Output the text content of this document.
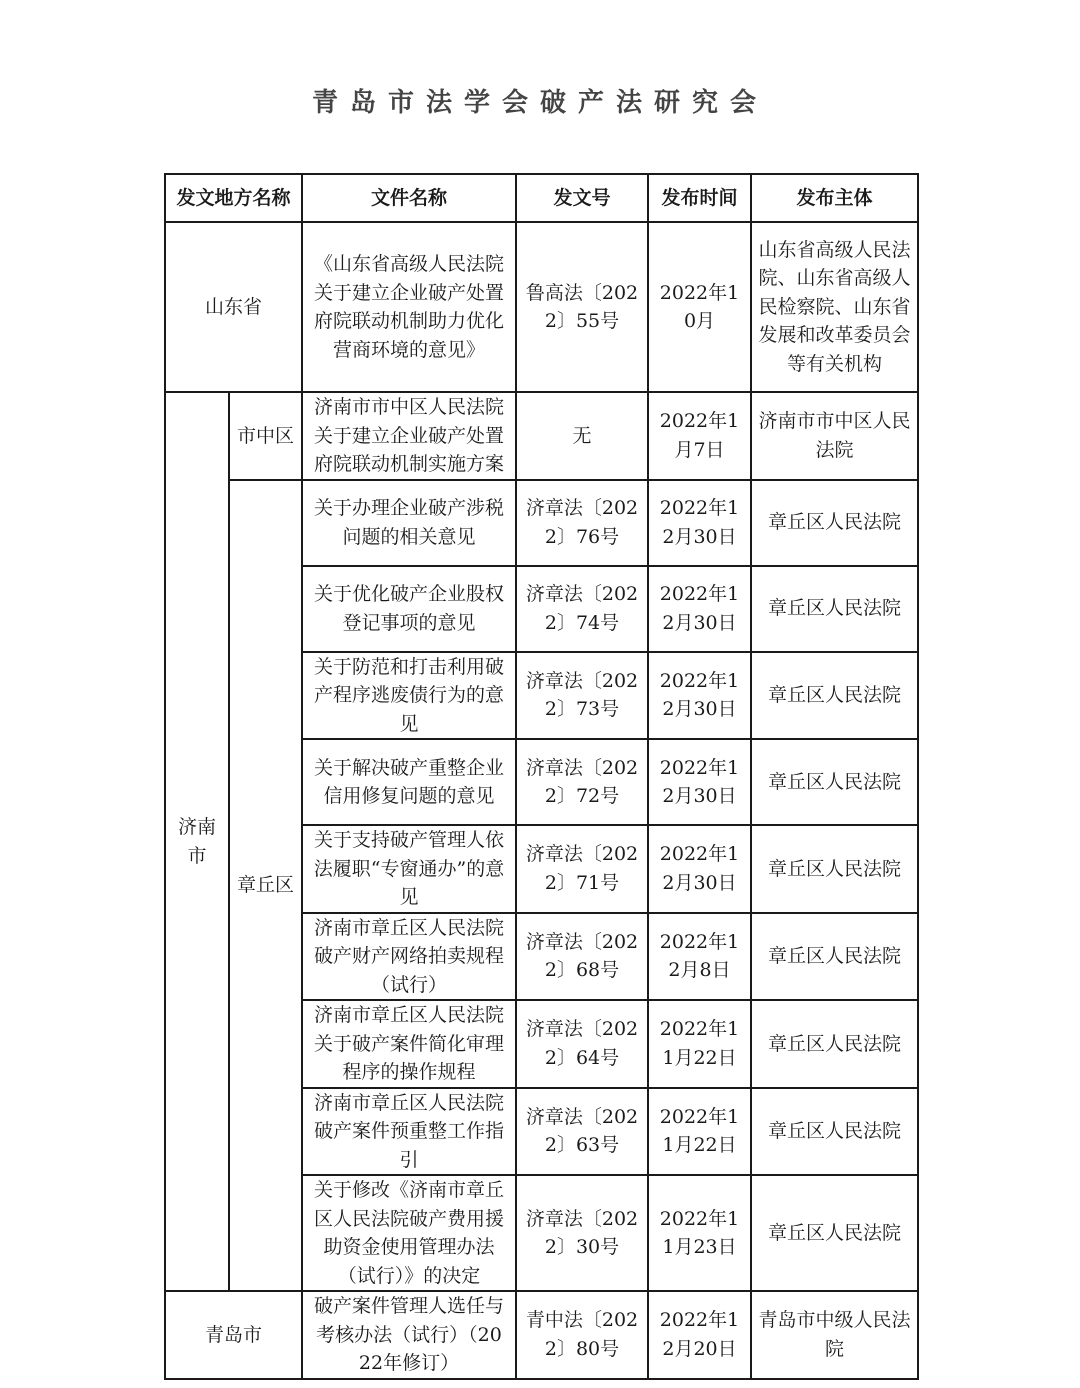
青岛市法学会破产法研究会
发文地方名称		文件名称	发文号	发布时间	发布主体
山东省		《山东省高级人民法院关于建立企业破产处置府院联动机制助力优化营商环境的意见》	鲁高法〔2022〕55号	2022年10月	山东省高级人民法院、山东省高级人民检察院、山东省发展和改革委员会等有关机构
济南市	市中区	济南市市中区人民法院关于建立企业破产处置府院联动机制实施方案	无	2022年1月7日	济南市市中区人民法院
	章丘区	关于办理企业破产涉税问题的相关意见	济章法〔2022〕76号	2022年12月30日	章丘区人民法院
		关于优化破产企业股权登记事项的意见	济章法〔2022〕74号	2022年12月30日	章丘区人民法院
		关于防范和打击利用破产程序逃废债行为的意见	济章法〔2022〕73号	2022年12月30日	章丘区人民法院
		关于解决破产重整企业信用修复问题的意见	济章法〔2022〕72号	2022年12月30日	章丘区人民法院
		关于支持破产管理人依法履职“专窗通办”的意见	济章法〔2022〕71号	2022年12月30日	章丘区人民法院
		济南市章丘区人民法院破产财产网络拍卖规程（试行）	济章法〔2022〕68号	2022年12月8日	章丘区人民法院
		济南市章丘区人民法院关于破产案件简化审理程序的操作规程	济章法〔2022〕64号	2022年11月22日	章丘区人民法院
		济南市章丘区人民法院破产案件预重整工作指引	济章法〔2022〕63号	2022年11月22日	章丘区人民法院
		关于修改《济南市章丘区人民法院破产费用援助资金使用管理办法（试行）》的决定	济章法〔2022〕30号	2022年11月23日	章丘区人民法院
青岛市		破产案件管理人选任与考核办法（试行）（2022年修订）	青中法〔2022〕80号	2022年12月20日	青岛市中级人民法院
